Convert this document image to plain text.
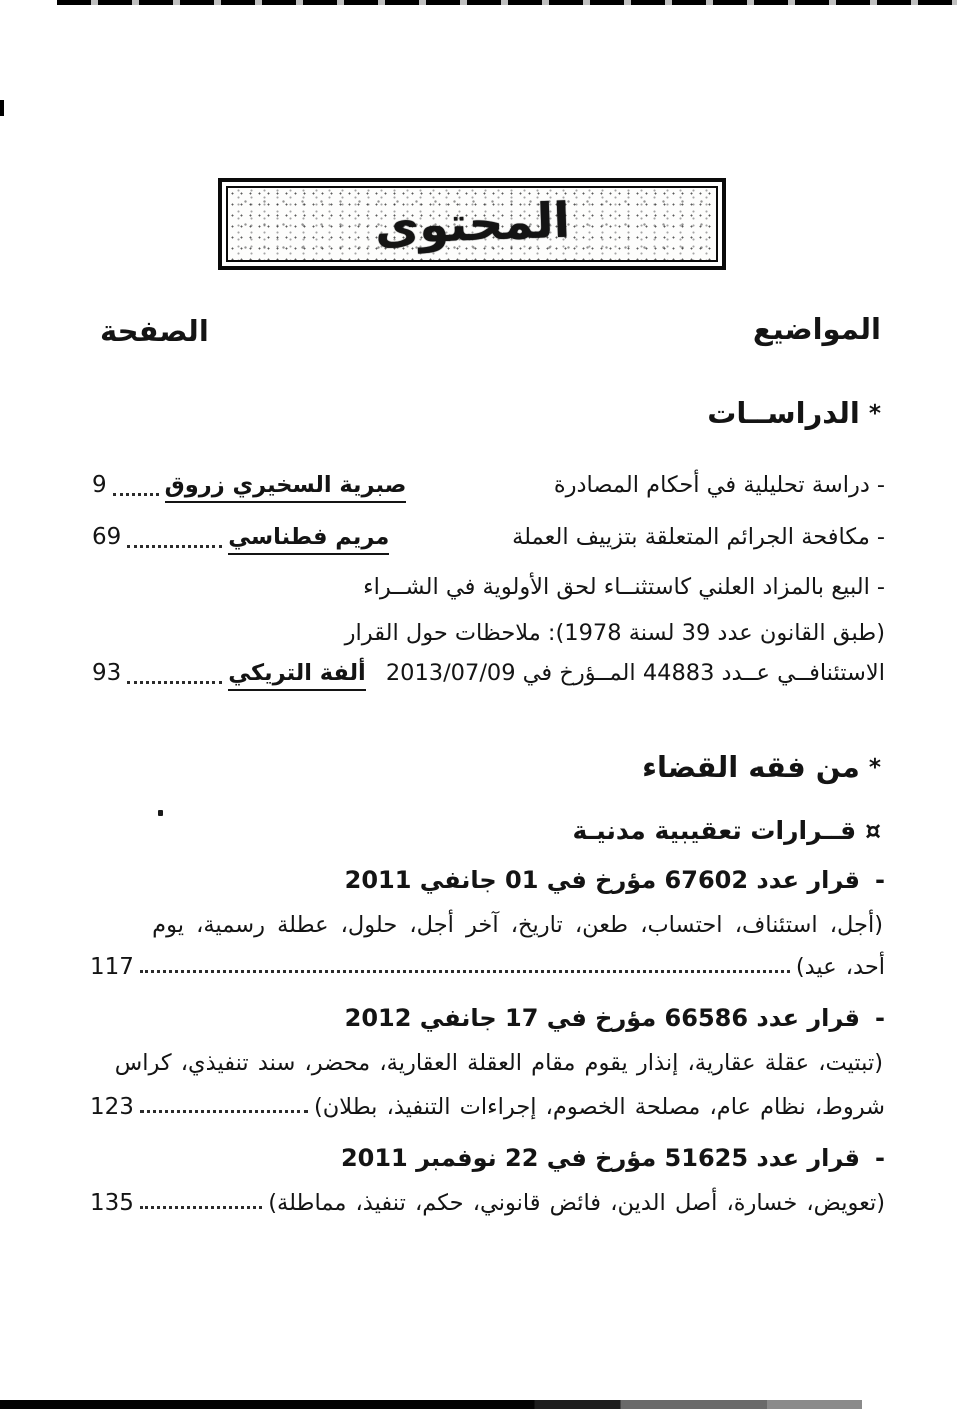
المحتوى
المواضيع
الصفحة
*الدراســات
-
دراسة تحليلية في أحكام المصادرة
صبرية السخيري زروق
9
-
مكافحة الجرائم المتعلقة بتزييف العملة
مريم فطناسي
69
-
البيع بالمزاد العلني كاستثنــاء لحق الأولوية في الشــراء
(طبق القانون عدد 39 لسنة 1978): ملاحظات حول القرار
الاستئنافــي عــدد 44883 المــؤرخ في 2013/07/09
ألفة التريكي
93
*من فقه القضاء
¤قــرارات تعقيبية مدنيـة
-
قرار عدد 67602 مؤرخ في 01 جانفي 2011
(أجل، استئناف، احتساب، طعن، تاريخ، آخر أجل، حلول، عطلة رسمية، يوم
أحد، عيد)
117
-
قرار عدد 66586 مؤرخ في 17 جانفي 2012
(تبتيت، عقلة عقارية، إنذار يقوم مقام العقلة العقارية، محضر، سند تنفيذي، كراس
شروط، نظام عام، مصلحة الخصوم، إجراءات التنفيذ، بطلان)
123
-
قرار عدد 51625 مؤرخ في 22 نوفمبر 2011
(تعويض، خسارة، أصل الدين، فائض قانوني، حكم، تنفيذ، مماطلة)
135
